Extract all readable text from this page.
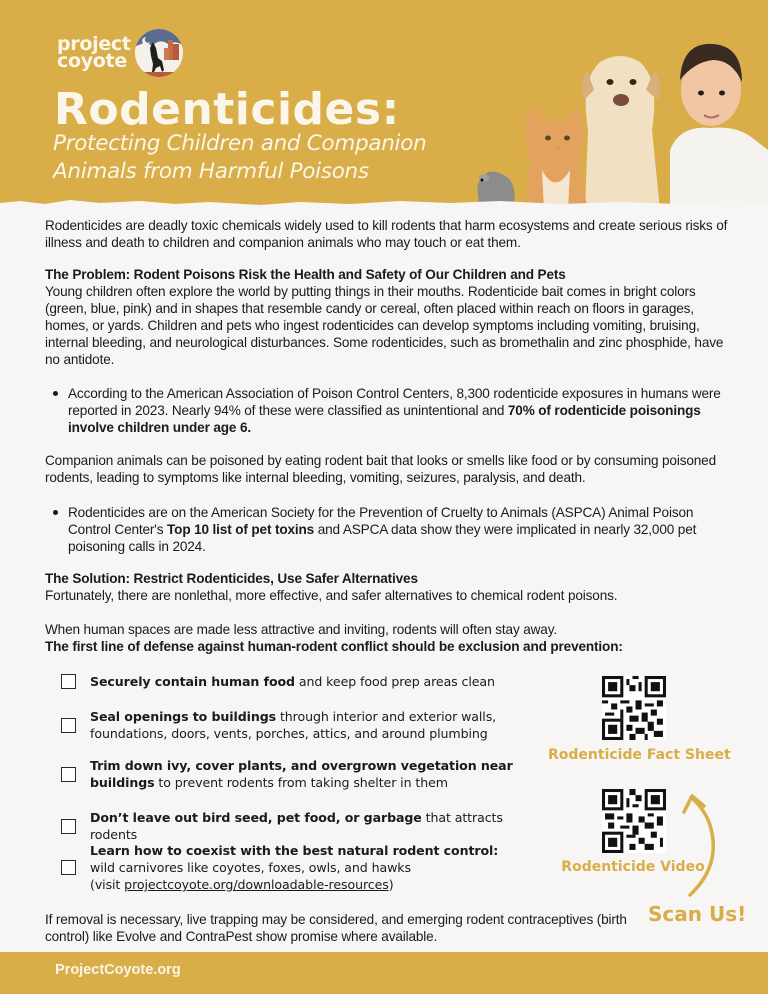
project
coyote
Rodenticides:
Protecting Children and Companion Animals from Harmful Poisons
Rodenticides are deadly toxic chemicals widely used to kill rodents that harm ecosystems and create serious risks of illness and death to children and companion animals who may touch or eat them.
The Problem: Rodent Poisons Risk the Health and Safety of Our Children and Pets
Young children often explore the world by putting things in their mouths. Rodenticide bait comes in bright colors (green, blue, pink) and in shapes that resemble candy or cereal, often placed within reach on floors in garages, homes, or yards. Children and pets who ingest rodenticides can develop symptoms including vomiting, bruising, internal bleeding, and neurological disturbances. Some rodenticides, such as bromethalin and zinc phosphide, have no antidote.
According to the American Association of Poison Control Centers, 8,300 rodenticide exposures in humans were reported in 2023. Nearly 94% of these were classified as unintentional and 70% of rodenticide poisonings involve children under age 6.
Companion animals can be poisoned by eating rodent bait that looks or smells like food or by consuming poisoned rodents, leading to symptoms like internal bleeding, vomiting, seizures, paralysis, and death.
Rodenticides are on the American Society for the Prevention of Cruelty to Animals (ASPCA) Animal Poison Control Center's Top 10 list of pet toxins and ASPCA data show they were implicated in nearly 32,000 pet poisoning calls in 2024.
The Solution: Restrict Rodenticides, Use Safer Alternatives
Fortunately, there are nonlethal, more effective, and safer alternatives to chemical rodent poisons.
When human spaces are made less attractive and inviting, rodents will often stay away.
The first line of defense against human-rodent conflict should be exclusion and prevention:
Securely contain human food and keep food prep areas clean
Seal openings to buildings through interior and exterior walls, foundations, doors, vents, porches, attics, and around plumbing
Trim down ivy, cover plants, and overgrown vegetation near buildings to prevent rodents from taking shelter in them
Don’t leave out bird seed, pet food, or garbage that attracts rodents
Learn how to coexist with the best natural rodent control:
wild carnivores like coyotes, foxes, owls, and hawks
(visit projectcoyote.org/downloadable-resources)
Rodenticide Fact Sheet
Rodenticide Video
Scan Us!
If removal is necessary, live trapping may be considered, and emerging rodent contraceptives (birth control) like Evolve and ContraPest show promise where available.
ProjectCoyote.org
